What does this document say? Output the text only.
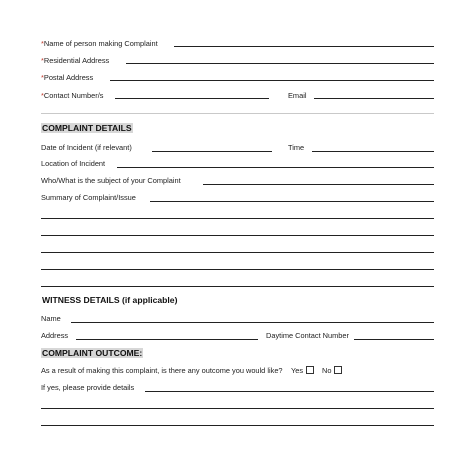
*Name of person making Complaint
*Residential Address
*Postal Address
*Contact Number/s	Email
COMPLAINT DETAILS
Date of Incident (if relevant)	Time
Location of Incident
Who/What is the subject of your Complaint
Summary of Complaint/Issue
WITNESS DETAILS (if applicable)
Name
Address	Daytime Contact Number
COMPLAINT OUTCOME:
As a result of making this complaint, is there any outcome you would like? Yes	No
If yes, please provide details
